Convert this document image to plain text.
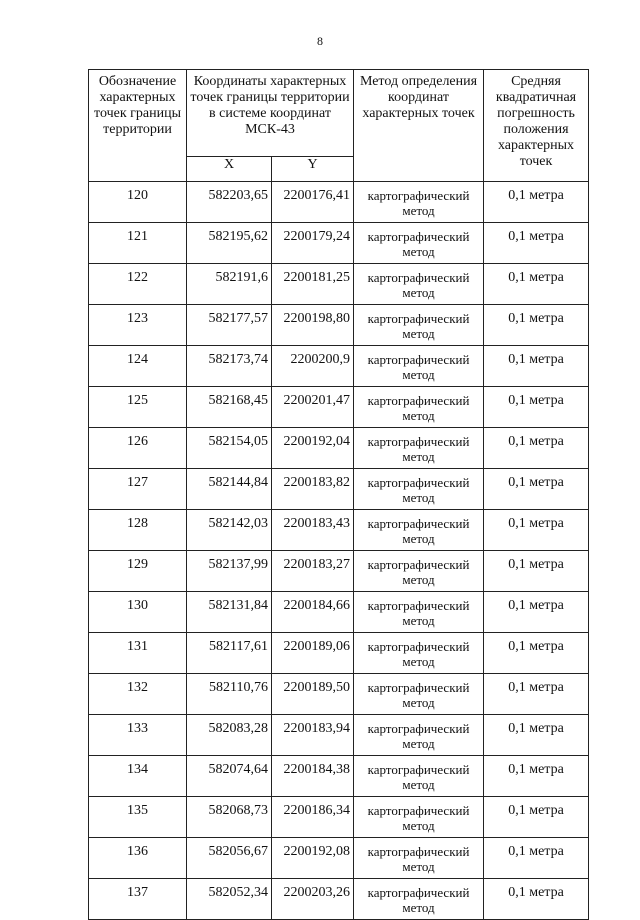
8
Обозначение характерных точек границы территории	Координаты характерных точек границы территории в системе координат МСК-43		Метод определения координат характерных точек	Средняя квадратичная погрешность положения характерных точек

	X	Y		
120	582203,65	2200176,41	картографический метод	0,1 метра
121	582195,62	2200179,24	картографический метод	0,1 метра
122	582191,6	2200181,25	картографический метод	0,1 метра
123	582177,57	2200198,80	картографический метод	0,1 метра
124	582173,74	2200200,9	картографический метод	0,1 метра
125	582168,45	2200201,47	картографический метод	0,1 метра
126	582154,05	2200192,04	картографический метод	0,1 метра
127	582144,84	2200183,82	картографический метод	0,1 метра
128	582142,03	2200183,43	картографический метод	0,1 метра
129	582137,99	2200183,27	картографический метод	0,1 метра
130	582131,84	2200184,66	картографический метод	0,1 метра
131	582117,61	2200189,06	картографический метод	0,1 метра
132	582110,76	2200189,50	картографический метод	0,1 метра
133	582083,28	2200183,94	картографический метод	0,1 метра
134	582074,64	2200184,38	картографический метод	0,1 метра
135	582068,73	2200186,34	картографический метод	0,1 метра
136	582056,67	2200192,08	картографический метод	0,1 метра
137	582052,34	2200203,26	картографический метод	0,1 метра
